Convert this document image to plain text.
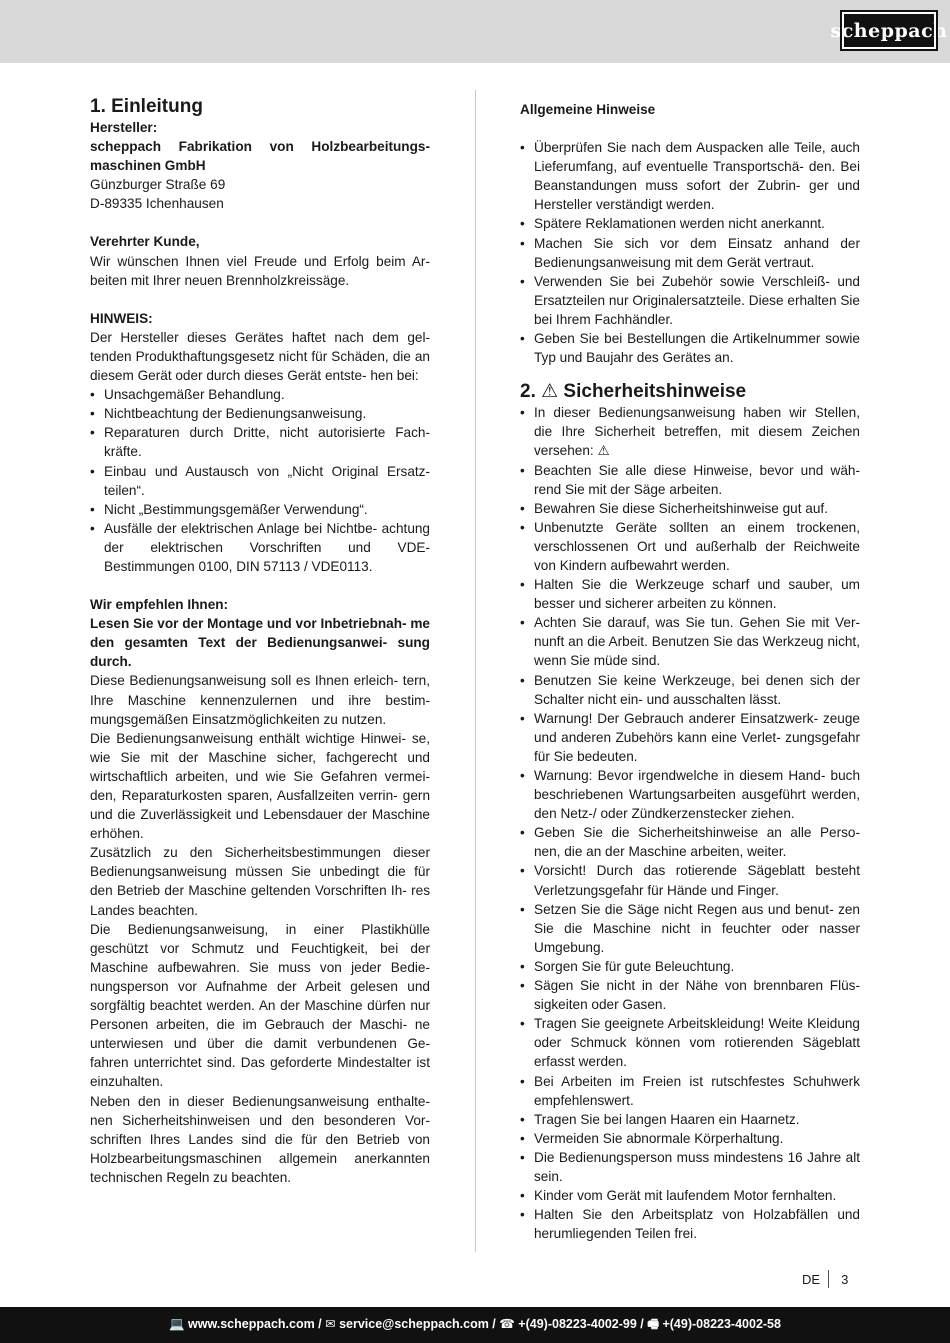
scheppach
1. Einleitung

Hersteller:

scheppach Fabrikation von Holzbearbeitungs- maschinen GmbH

Günzburger Straße 69

D-89335 Ichenhausen

Verehrter Kunde,

Wir wünschen Ihnen viel Freude und Erfolg beim Ar- beiten mit Ihrer neuen Brennholzkreissäge.

HINWEIS:

Der Hersteller dieses Gerätes haftet nach dem gel- tenden Produkthaftungsgesetz nicht für Schäden, die an diesem Gerät oder durch dieses Gerät entste- hen bei:

• Unsachgemäßer Behandlung.
• Nichtbeachtung der Bedienungsanweisung.
• Reparaturen durch Dritte, nicht autorisierte Fach- kräfte.
• Einbau und Austausch von „Nicht Original Ersatz- teilen“.
• Nicht „Bestimmungsgemäßer Verwendung“.
• Ausfälle der elektrischen Anlage bei Nichtbe- achtung der elektrischen Vorschriften und VDE- Bestimmungen 0100, DIN 57113 / VDE0113.

Wir empfehlen Ihnen:

Lesen Sie vor der Montage und vor Inbetriebnah- me den gesamten Text der Bedienungsanwei- sung durch.

Diese Bedienungsanweisung soll es Ihnen erleich- tern, Ihre Maschine kennenzulernen und ihre bestim- mungsgemäßen Einsatzmöglichkeiten zu nutzen.

Die Bedienungsanweisung enthält wichtige Hinwei- se, wie Sie mit der Maschine sicher, fachgerecht und wirtschaftlich arbeiten, und wie Sie Gefahren vermei- den, Reparaturkosten sparen, Ausfallzeiten verrin- gern und die Zuverlässigkeit und Lebensdauer der Maschine erhöhen.

Zusätzlich zu den Sicherheitsbestimmungen dieser Bedienungsanweisung müssen Sie unbedingt die für den Betrieb der Maschine geltenden Vorschriften Ih- res Landes beachten.

Die Bedienungsanweisung, in einer Plastikhülle geschützt vor Schmutz und Feuchtigkeit, bei der Maschine aufbewahren. Sie muss von jeder Bedie- nungsperson vor Aufnahme der Arbeit gelesen und sorgfältig beachtet werden. An der Maschine dürfen nur Personen arbeiten, die im Gebrauch der Maschi- ne unterwiesen und über die damit verbundenen Ge- fahren unterrichtet sind. Das geforderte Mindestalter ist einzuhalten.

Neben den in dieser Bedienungsanweisung enthalte- nen Sicherheitshinweisen und den besonderen Vor- schriften Ihres Landes sind die für den Betrieb von Holzbearbeitungsmaschinen allgemein anerkannten technischen Regeln zu beachten.

Allgemeine Hinweise

• Überprüfen Sie nach dem Auspacken alle Teile, auch Lieferumfang, auf eventuelle Transportschä- den. Bei Beanstandungen muss sofort der Zubrin- ger und Hersteller verständigt werden.
• Spätere Reklamationen werden nicht anerkannt.
• Machen Sie sich vor dem Einsatz anhand der Bedienungsanweisung mit dem Gerät vertraut.
• Verwenden Sie bei Zubehör sowie Verschleiß- und Ersatzteilen nur Originalersatzteile. Diese erhalten Sie bei Ihrem Fachhändler.
• Geben Sie bei Bestellungen die Artikelnummer sowie Typ und Baujahr des Gerätes an.
2. ⚠ Sicherheitshinweise
• In dieser Bedienungsanweisung haben wir Stellen, die Ihre Sicherheit betreffen, mit diesem Zeichen versehen: ⚠
• Beachten Sie alle diese Hinweise, bevor und wäh- rend Sie mit der Säge arbeiten.
• Bewahren Sie diese Sicherheitshinweise gut auf.
• Unbenutzte Geräte sollten an einem trockenen, verschlossenen Ort und außerhalb der Reichweite von Kindern aufbewahrt werden.
• Halten Sie die Werkzeuge scharf und sauber, um besser und sicherer arbeiten zu können.
• Achten Sie darauf, was Sie tun. Gehen Sie mit Ver- nunft an die Arbeit. Benutzen Sie das Werkzeug nicht, wenn Sie müde sind.
• Benutzen Sie keine Werkzeuge, bei denen sich der Schalter nicht ein- und ausschalten lässt.
• Warnung! Der Gebrauch anderer Einsatzwerk- zeuge und anderen Zubehörs kann eine Verlet- zungsgefahr für Sie bedeuten.
• Warnung: Bevor irgendwelche in diesem Hand- buch beschriebenen Wartungsarbeiten ausgeführt werden, den Netz-/ oder Zündkerzenstecker ziehen.
• Geben Sie die Sicherheitshinweise an alle Perso- nen, die an der Maschine arbeiten, weiter.
• Vorsicht! Durch das rotierende Sägeblatt besteht Verletzungsgefahr für Hände und Finger.
• Setzen Sie die Säge nicht Regen aus und benut- zen Sie die Maschine nicht in feuchter oder nasser Umgebung.
• Sorgen Sie für gute Beleuchtung.
• Sägen Sie nicht in der Nähe von brennbaren Flüs- sigkeiten oder Gasen.
• Tragen Sie geeignete Arbeitskleidung! Weite Kleidung oder Schmuck können vom rotierenden Sägeblatt erfasst werden.
• Bei Arbeiten im Freien ist rutschfestes Schuhwerk empfehlenswert.
• Tragen Sie bei langen Haaren ein Haarnetz.
• Vermeiden Sie abnormale Körperhaltung.
• Die Bedienungsperson muss mindestens 16 Jahre alt sein.
• Kinder vom Gerät mit laufendem Motor fernhalten.
• Halten Sie den Arbeitsplatz von Holzabfällen und herumliegenden Teilen frei.
DE 3
💻 www.scheppach.com / ✉ service@scheppach.com / ☎ +(49)-08223-4002-99 / 🖷 +(49)-08223-4002-58
